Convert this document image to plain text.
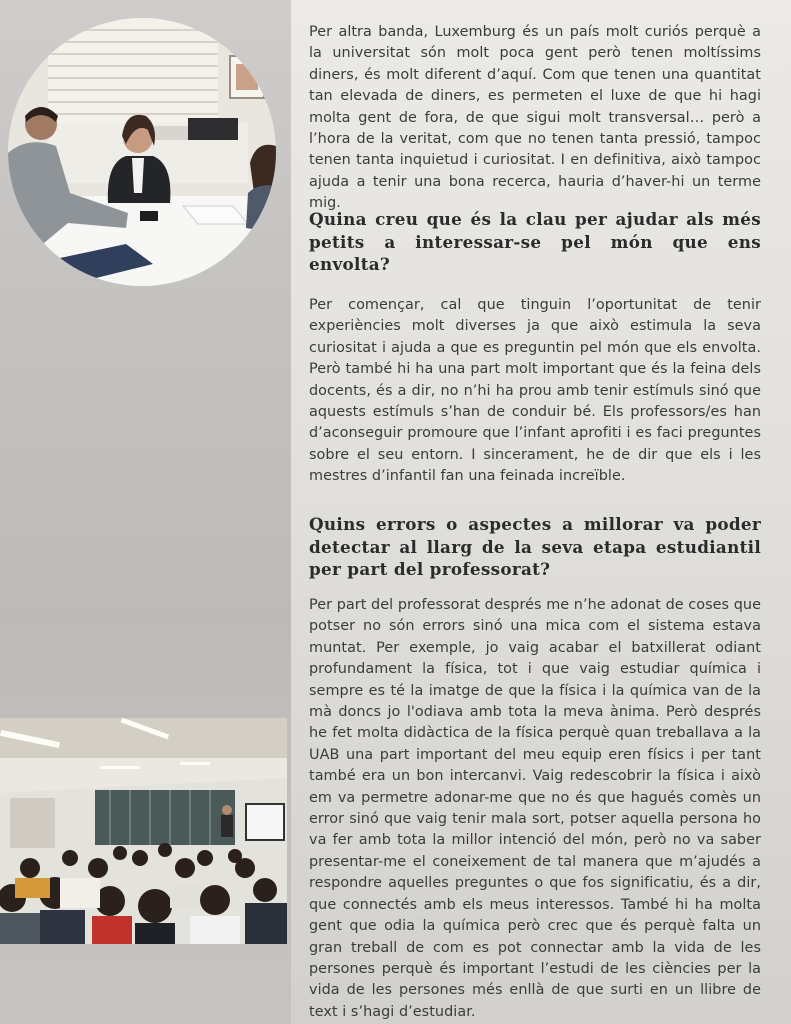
Per altra banda, Luxemburg és un país molt curiós perquè a la universitat són molt poca gent però tenen moltíssims diners, és molt diferent d’aquí. Com que tenen una quantitat tan elevada de diners, es permeten el luxe de que hi hagi molta gent de fora, de que sigui molt transversal… però a l’hora de la veritat, com que no tenen tanta pressió, tampoc tenen tanta inquietud i curiositat. I en definitiva, això tampoc ajuda a tenir una bona recerca, hauria d’haver-hi un terme mig.

Quina creu que és la clau per ajudar als més petits a interessar-se pel món que ens envolta?

Per començar, cal que tinguin l’oportunitat de tenir experiències molt diverses ja que això estimula la seva curiositat i ajuda a que es preguntin pel món que els envolta. Però també hi ha una part molt important que és la feina dels docents, és a dir, no n’hi ha prou amb tenir estímuls sinó que aquests estímuls s’han de conduir bé. Els professors/es han d’aconseguir promoure que l’infant aprofiti i es faci preguntes sobre el seu entorn. I sincerament, he de dir que els i les mestres d’infantil fan una feinada increïble.

Quins errors o aspectes a millorar va poder detectar al llarg de la seva etapa estudiantil per part del professorat?

Per part del professorat després me n’he adonat de coses que potser no són errors sinó una mica com el sistema estava muntat. Per exemple, jo vaig acabar el batxillerat odiant profundament la física, tot i que vaig estudiar química i sempre es té la imatge de que la física i la química van de la mà doncs jo l'odiava amb tota la meva ànima. Però després he fet molta didàctica de la física perquè quan treballava a la UAB una part important del meu equip eren físics i per tant també era un bon intercanvi. Vaig redescobrir la física i això em va permetre adonar-me que no és que hagués comès un error sinó que vaig tenir mala sort, potser aquella persona ho va fer amb tota la millor intenció del món, però no va saber presentar-me el coneixement de tal manera que m’ajudés a respondre aquelles preguntes o que fos significatiu, és a dir, que connectés amb els meus interessos. També hi ha molta gent que odia la química però crec que és perquè falta un gran treball de com es pot connectar amb la vida de les persones perquè és important l’estudi de les ciències per la vida de les persones més enllà de que surti en un llibre de text i s’hagi d’estudiar.
